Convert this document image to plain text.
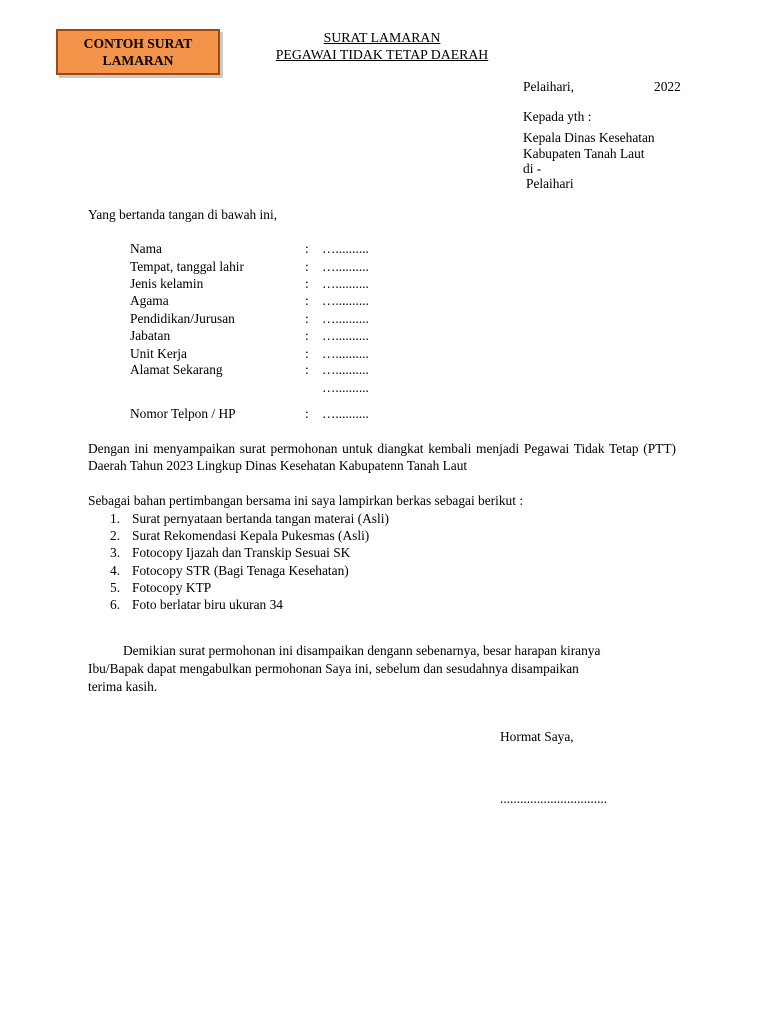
CONTOH SURAT
LAMARAN
SURAT LAMARAN
PEGAWAI TIDAK TETAP DAERAH
Pelaihari,	2022
Kepada yth :
Kepala Dinas Kesehatan
Kabupaten Tanah Laut
di -
Pelaihari
Yang bertanda tangan di bawah ini,
Nama	: …..........
Tempat, tanggal lahir	: …..........
Jenis kelamin	: …..........
Agama	: …..........
Pendidikan/Jurusan	: …..........
Jabatan	: …..........
Unit Kerja	: …..........
Alamat Sekarang	: …..........
…..........
Nomor Telpon / HP	: …..........
Dengan ini menyampaikan surat permohonan untuk diangkat kembali menjadi Pegawai Tidak Tetap (PTT) Daerah Tahun 2023 Lingkup Dinas Kesehatan Kabupatenn Tanah Laut
Sebagai bahan pertimbangan bersama ini saya lampirkan berkas sebagai berikut :
1. Surat pernyataan bertanda tangan materai (Asli)
2. Surat Rekomendasi Kepala Pukesmas (Asli)
3. Fotocopy Ijazah dan Transkip Sesuai SK
4. Fotocopy STR (Bagi Tenaga Kesehatan)
5. Fotocopy KTP
6. Foto berlatar biru ukuran 34
Demikian surat permohonan ini disampaikan dengann sebenarnya, besar harapan kiranya
Ibu/Bapak dapat mengabulkan permohonan Saya ini, sebelum dan sesudahnya disampaikan
terima kasih.
Hormat Saya,
................................
